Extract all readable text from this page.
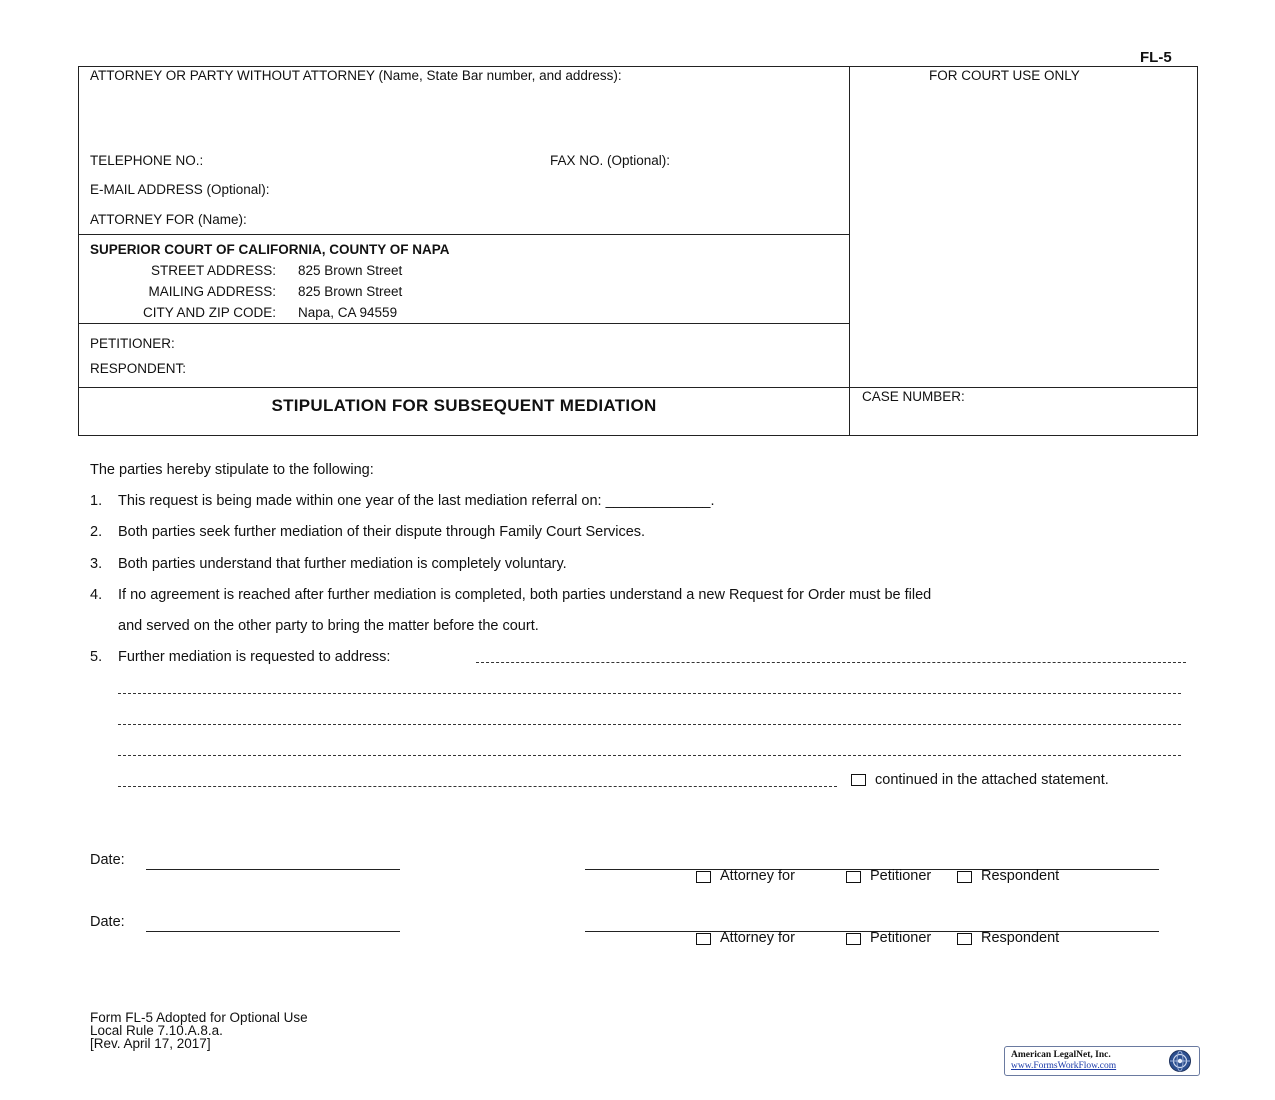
FL-5
ATTORNEY OR PARTY WITHOUT ATTORNEY (Name, State Bar number, and address):	FOR COURT USE ONLY
TELEPHONE NO.:	FAX NO. (Optional):
E-MAIL ADDRESS (Optional):
ATTORNEY FOR (Name):
SUPERIOR COURT OF CALIFORNIA, COUNTY OF NAPA
STREET ADDRESS: 825 Brown Street
MAILING ADDRESS: 825 Brown Street
CITY AND ZIP CODE: Napa, CA 94559
PETITIONER:
RESPONDENT:
STIPULATION FOR SUBSEQUENT MEDIATION	CASE NUMBER:
The parties hereby stipulate to the following:
1. This request is being made within one year of the last mediation referral on: _____________.
2. Both parties seek further mediation of their dispute through Family Court Services.
3. Both parties understand that further mediation is completely voluntary.
4. If no agreement is reached after further mediation is completed, both parties understand a new Request for Order must be filed
and served on the other party to bring the matter before the court.
5. Further mediation is requested to address:
continued in the attached statement.
Date:
Attorney for	Petitioner	Respondent
Date:
Attorney for	Petitioner	Respondent
Form FL-5 Adopted for Optional Use
Local Rule 7.10.A.8.a.
[Rev. April 17, 2017]
American LegalNet, Inc.
www.FormsWorkFlow.com
